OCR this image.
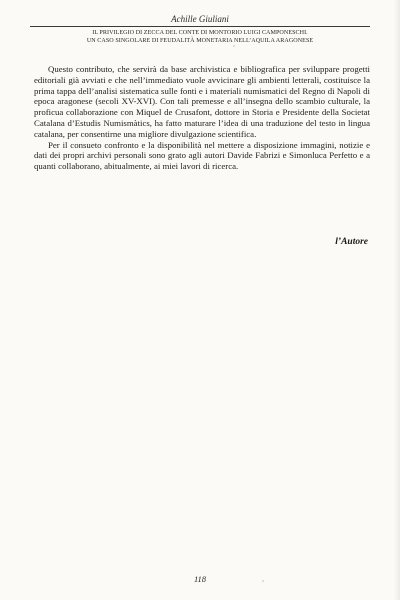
Achille Giuliani
IL PRIVILEGIO DI ZECCA DEL CONTE DI MONTORIO LUIGI CAMPONESCHI.
UN CASO SINGOLARE DI FEUDALITÀ MONETARIA NELL’AQUILA ARAGONESE

Questo contributo, che servirà da base archivistica e bibliografica per sviluppare progetti editoriali già avviati e che nell’immediato vuole avvicinare gli ambienti letterali, costituisce la prima tappa dell’analisi sistematica sulle fonti e i materiali numismatici del Regno di Napoli di epoca aragonese (secoli XV-XVI). Con tali premesse e all’insegna dello scambio culturale, la proficua collaborazione con Miquel de Crusafont, dottore in Storia e Presidente della Societat Catalana d’Estudis Numismàtics, ha fatto maturare l’idea di una traduzione del testo in lingua catalana, per consentirne una migliore divulgazione scientifica.

Per il consueto confronto e la disponibilità nel mettere a disposizione immagini, notizie e dati dei propri archivi personali sono grato agli autori Davide Fabrizi e Simonluca Perfetto e a quanti collaborano, abitualmente, ai miei lavori di ricerca.

l’Autore
118
